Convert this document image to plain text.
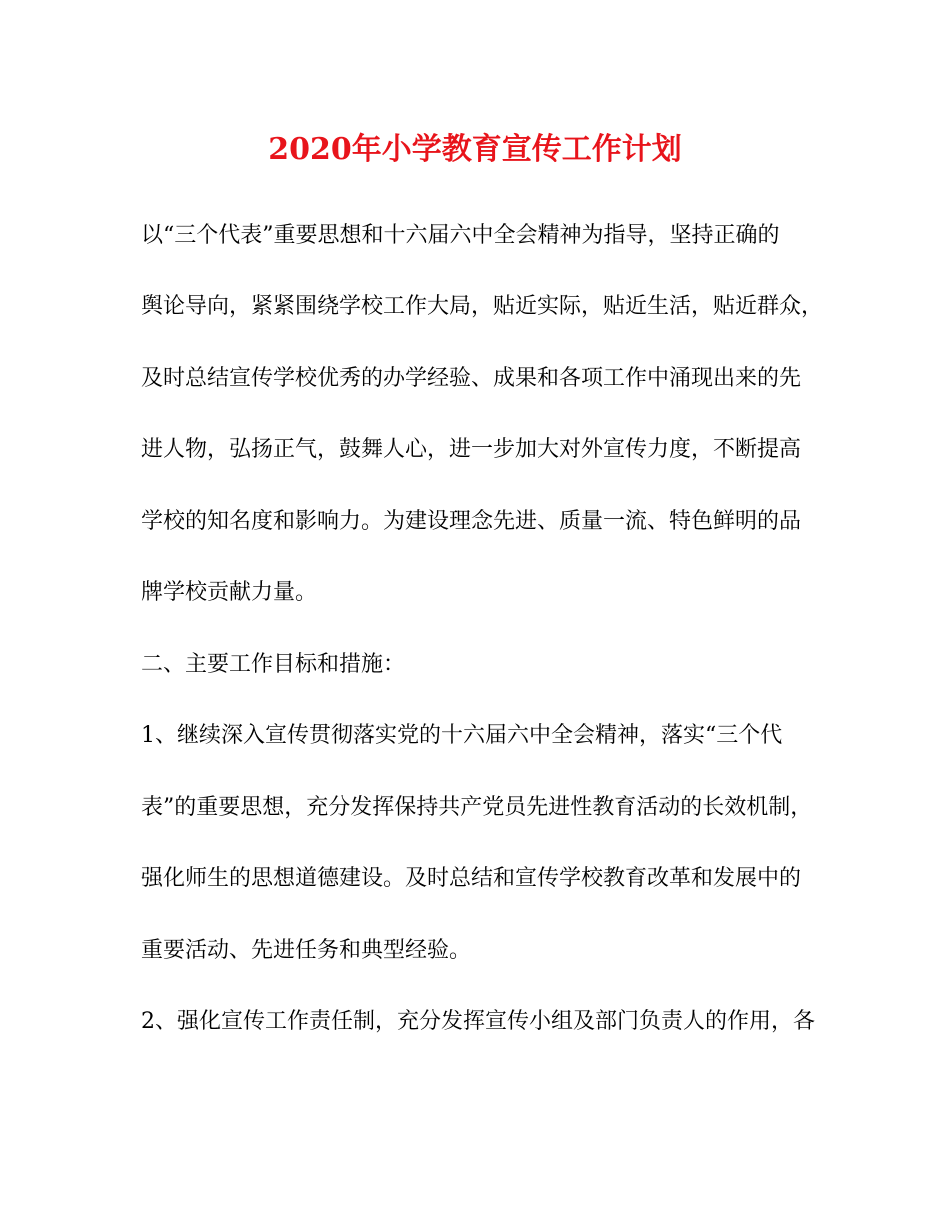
2020年小学教育宣传工作计划
以“三个代表”重要思想和十六届六中全会精神为指导，坚持正确的
舆论导向，紧紧围绕学校工作大局，贴近实际，贴近生活，贴近群众，
及时总结宣传学校优秀的办学经验、成果和各项工作中涌现出来的先
进人物，弘扬正气，鼓舞人心，进一步加大对外宣传力度，不断提高
学校的知名度和影响力。为建设理念先进、质量一流、特色鲜明的品
牌学校贡献力量。
二、主要工作目标和措施：
1、继续深入宣传贯彻落实党的十六届六中全会精神，落实“三个代
表”的重要思想，充分发挥保持共产党员先进性教育活动的长效机制，
强化师生的思想道德建设。及时总结和宣传学校教育改革和发展中的
重要活动、先进任务和典型经验。
2、强化宣传工作责任制，充分发挥宣传小组及部门负责人的作用，各
